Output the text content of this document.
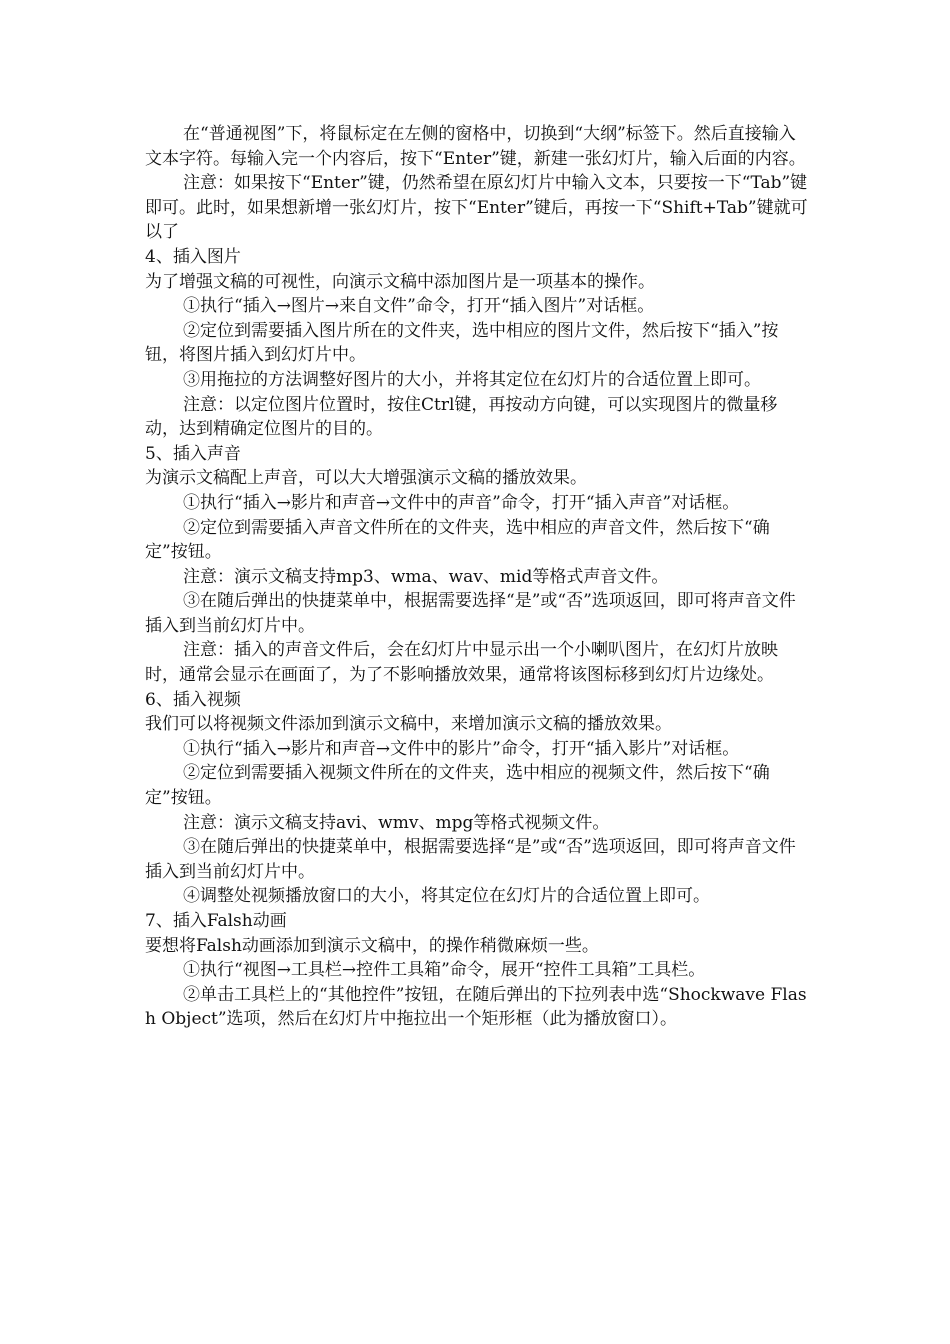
在“普通视图”下，将鼠标定在左侧的窗格中，切换到“大纲”标签下。然后直接输入文本字符。每输入完一个内容后，按下“Enter”键，新建一张幻灯片，输入后面的内容。

注意：如果按下“Enter”键，仍然希望在原幻灯片中输入文本，只要按一下“Tab”键即可。此时，如果想新增一张幻灯片，按下“Enter”键后，再按一下“Shift+Tab”键就可以了

4、插入图片

为了增强文稿的可视性，向演示文稿中添加图片是一项基本的操作。

①执行“插入→图片→来自文件”命令，打开“插入图片”对话框。

②定位到需要插入图片所在的文件夹，选中相应的图片文件，然后按下“插入”按钮，将图片插入到幻灯片中。

③用拖拉的方法调整好图片的大小，并将其定位在幻灯片的合适位置上即可。

注意：以定位图片位置时，按住Ctrl键，再按动方向键，可以实现图片的微量移动，达到精确定位图片的目的。

5、插入声音

为演示文稿配上声音，可以大大增强演示文稿的播放效果。

①执行“插入→影片和声音→文件中的声音”命令，打开“插入声音”对话框。

②定位到需要插入声音文件所在的文件夹，选中相应的声音文件，然后按下“确定”按钮。

注意：演示文稿支持mp3、wma、wav、mid等格式声音文件。

③在随后弹出的快捷菜单中，根据需要选择“是”或“否”选项返回，即可将声音文件插入到当前幻灯片中。

注意：插入的声音文件后，会在幻灯片中显示出一个小喇叭图片，在幻灯片放映时，通常会显示在画面了，为了不影响播放效果，通常将该图标移到幻灯片边缘处。

6、插入视频

我们可以将视频文件添加到演示文稿中，来增加演示文稿的播放效果。

①执行“插入→影片和声音→文件中的影片”命令，打开“插入影片”对话框。

②定位到需要插入视频文件所在的文件夹，选中相应的视频文件，然后按下“确定”按钮。

注意：演示文稿支持avi、wmv、mpg等格式视频文件。

③在随后弹出的快捷菜单中，根据需要选择“是”或“否”选项返回，即可将声音文件插入到当前幻灯片中。

④调整处视频播放窗口的大小，将其定位在幻灯片的合适位置上即可。

7、插入Falsh动画

要想将Falsh动画添加到演示文稿中，的操作稍微麻烦一些。

①执行“视图→工具栏→控件工具箱”命令，展开“控件工具箱”工具栏。

②单击工具栏上的“其他控件”按钮，在随后弹出的下拉列表中选“Shockwave Flash Object”选项，然后在幻灯片中拖拉出一个矩形框（此为播放窗口）。
